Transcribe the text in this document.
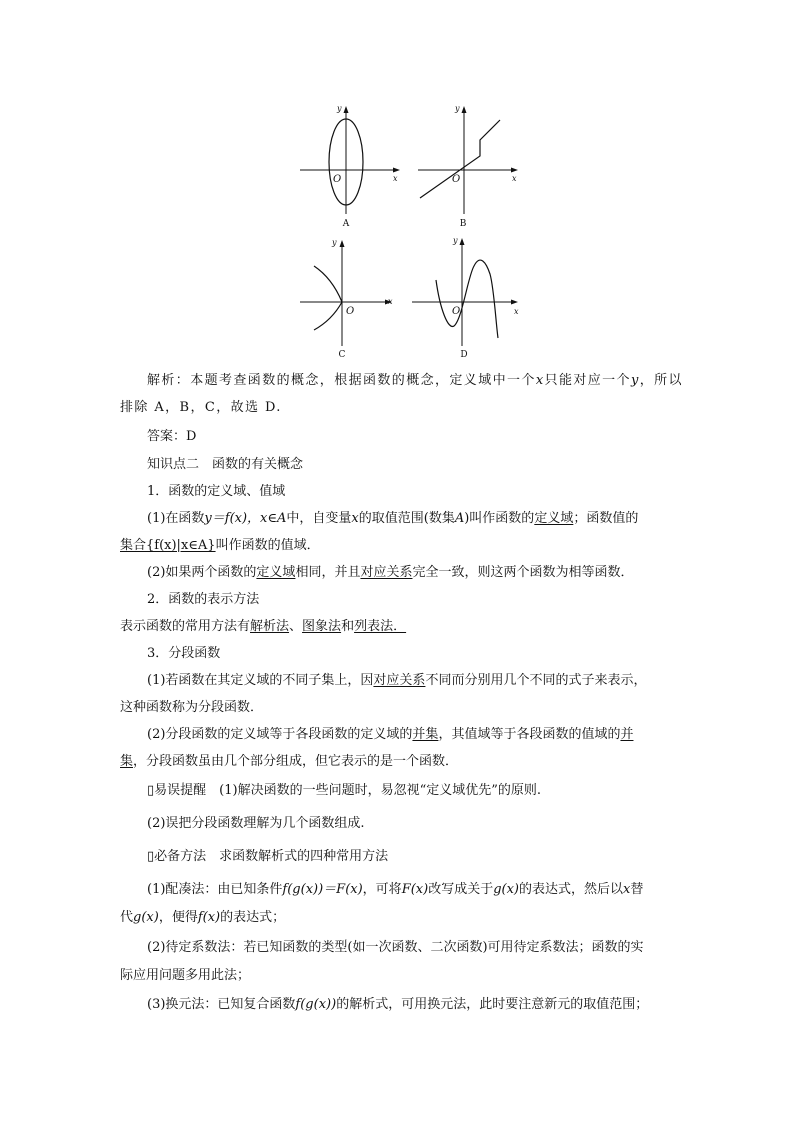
x
y
O
A
x
y
O
B
x
y
O
C
x
y
O
D
解析：本题考查函数的概念，根据函数的概念，定义域中一个x只能对应一个y，所以
排除 A，B，C，故选 D.
答案：D
知识点二　函数的有关概念
1．函数的定义域、值域
(1)在函数y＝f(x)，x∈A中，自变量x的取值范围(数集A)叫作函数的定义域；函数值的
集合{f(x)|x∈A}叫作函数的值域．
(2)如果两个函数的定义域相同，并且对应关系完全一致，则这两个函数为相等函数．
2．函数的表示方法
表示函数的常用方法有解析法、图象法和列表法．
3．分段函数
(1)若函数在其定义域的不同子集上，因对应关系不同而分别用几个不同的式子来表示，
这种函数称为分段函数．
(2)分段函数的定义域等于各段函数的定义域的并集，其值域等于各段函数的值域的并
集，分段函数虽由几个部分组成，但它表示的是一个函数．
▯易误提醒　(1)解决函数的一些问题时，易忽视“定义域优先”的原则.
(2)误把分段函数理解为几个函数组成.
▯必备方法　求函数解析式的四种常用方法
(1)配凑法：由已知条件f(g(x))＝F(x)，可将F(x)改写成关于g(x)的表达式，然后以x替
代g(x)，便得f(x)的表达式；
(2)待定系数法：若已知函数的类型(如一次函数、二次函数)可用待定系数法；函数的实
际应用问题多用此法；
(3)换元法：已知复合函数f(g(x))的解析式，可用换元法，此时要注意新元的取值范围；
